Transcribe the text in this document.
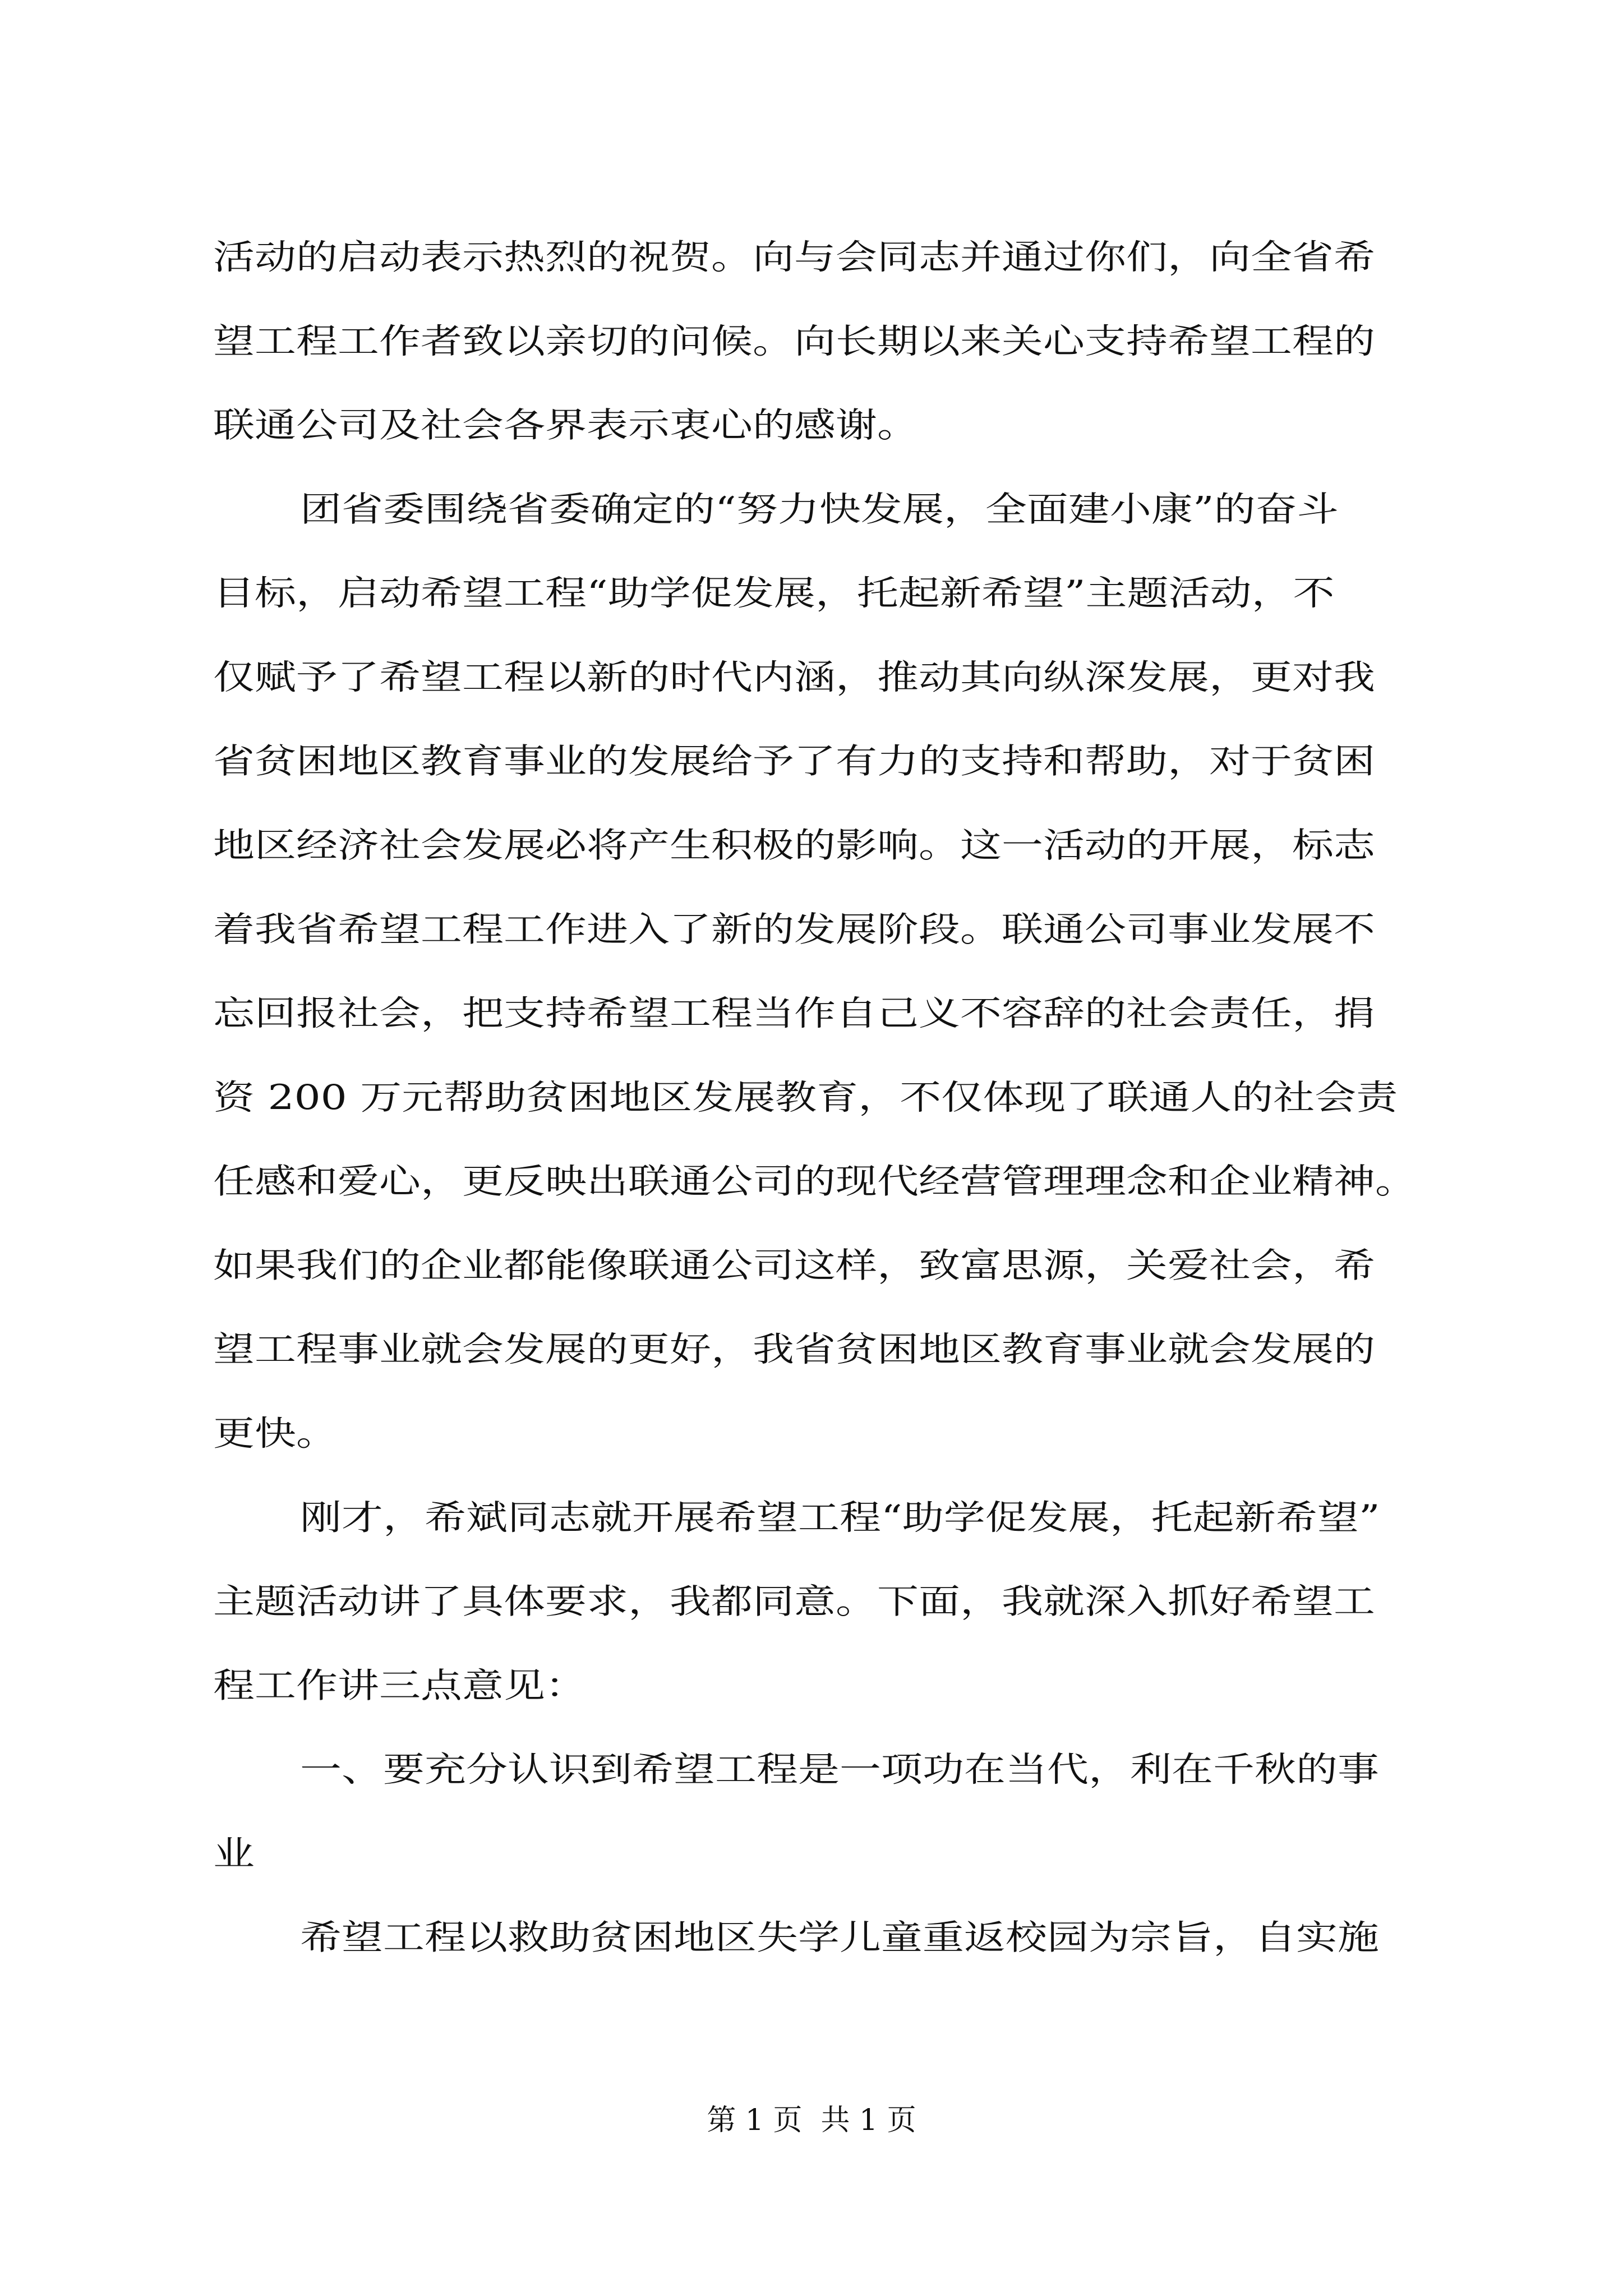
活动的启动表示热烈的祝贺。向与会同志并通过你们，向全省希
望工程工作者致以亲切的问候。向长期以来关心支持希望工程的
联通公司及社会各界表示衷心的感谢。
团省委围绕省委确定的“努力快发展，全面建小康”的奋斗
目标，启动希望工程“助学促发展，托起新希望”主题活动，不
仅赋予了希望工程以新的时代内涵，推动其向纵深发展，更对我
省贫困地区教育事业的发展给予了有力的支持和帮助，对于贫困
地区经济社会发展必将产生积极的影响。这一活动的开展，标志
着我省希望工程工作进入了新的发展阶段。联通公司事业发展不
忘回报社会，把支持希望工程当作自己义不容辞的社会责任，捐
资 200 万元帮助贫困地区发展教育，不仅体现了联通人的社会责
任感和爱心，更反映出联通公司的现代经营管理理念和企业精神。
如果我们的企业都能像联通公司这样，致富思源，关爱社会，希
望工程事业就会发展的更好，我省贫困地区教育事业就会发展的
更快。
刚才，希斌同志就开展希望工程“助学促发展，托起新希望”
主题活动讲了具体要求，我都同意。下面，我就深入抓好希望工
程工作讲三点意见：
一、要充分认识到希望工程是一项功在当代，利在千秋的事
业
希望工程以救助贫困地区失学儿童重返校园为宗旨，自实施
第 1 页  共 1 页
